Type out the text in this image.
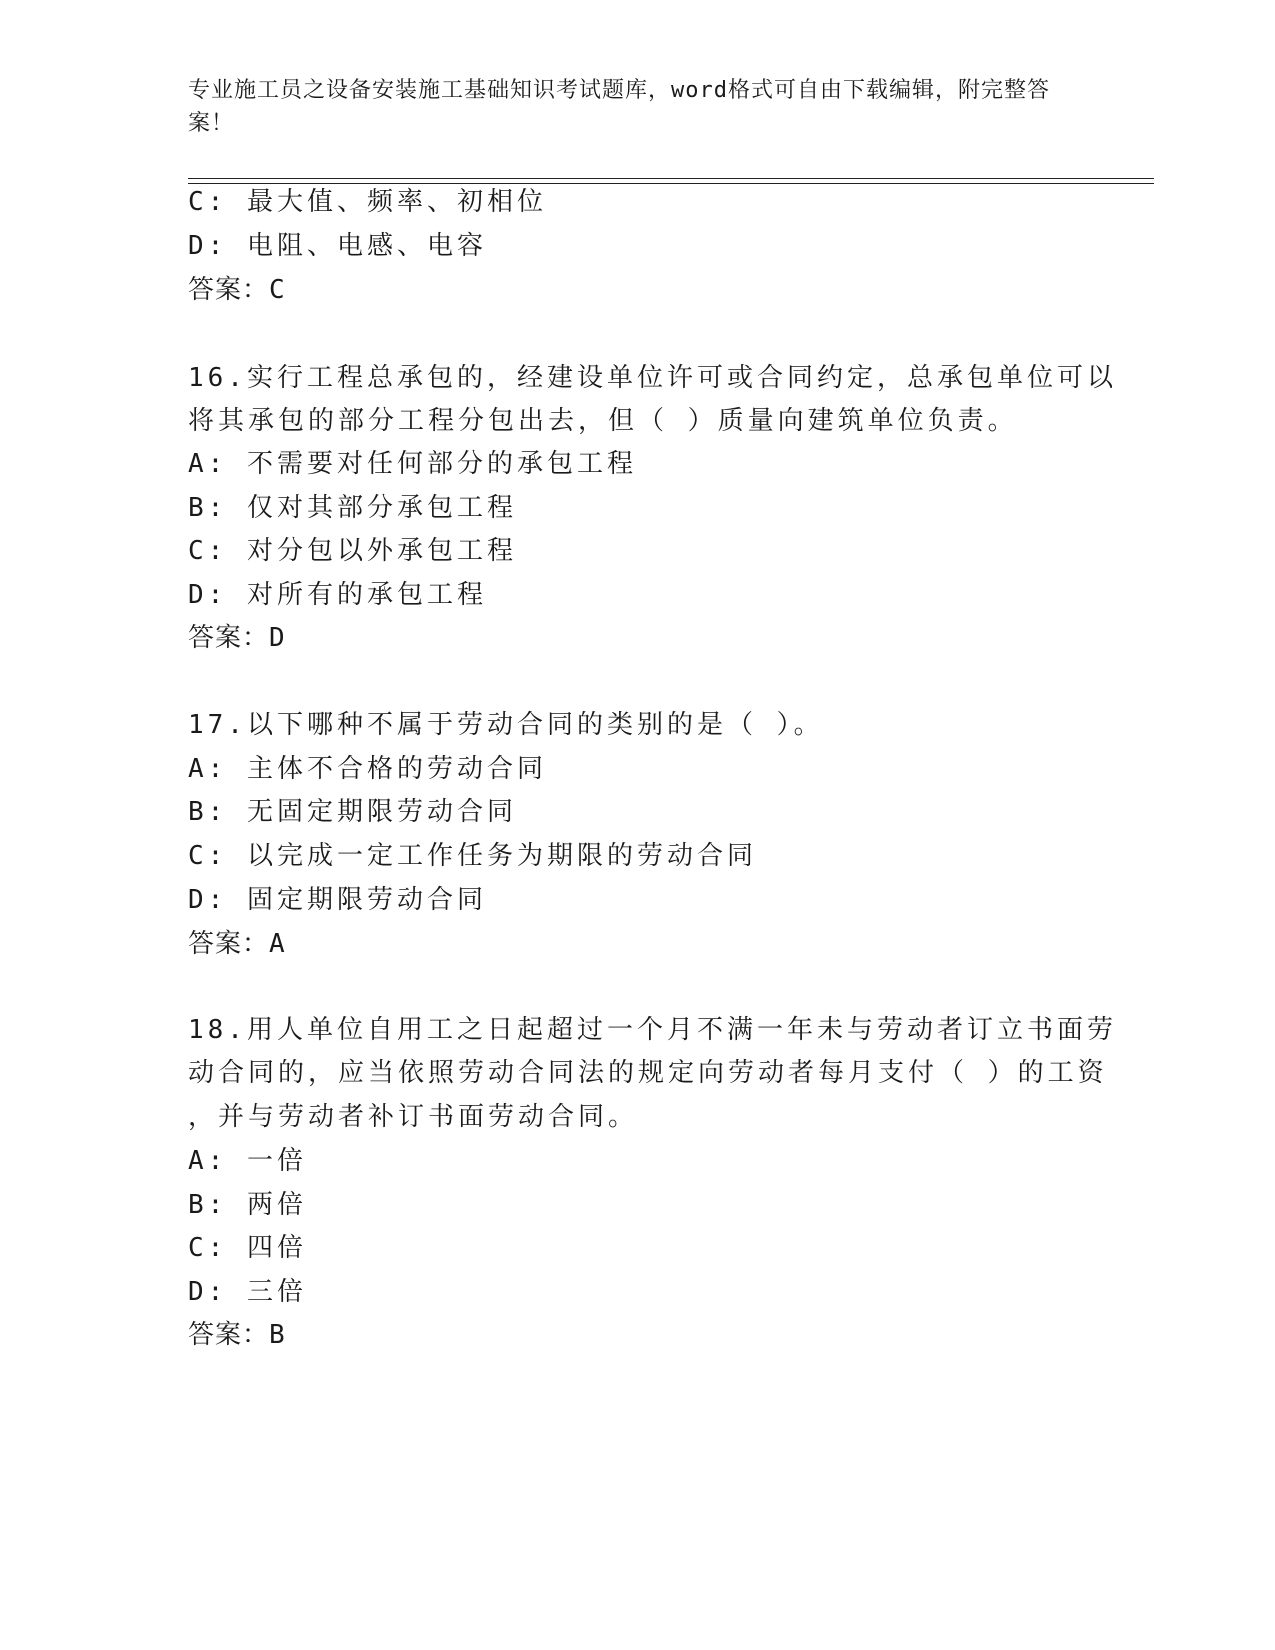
专业施工员之设备安装施工基础知识考试题库，word格式可自由下载编辑，附完整答案！
C: 最大值、频率、初相位
D: 电阻、电感、电容
答案：C
16.实行工程总承包的，经建设单位许可或合同约定，总承包单位可以
将其承包的部分工程分包出去，但（ ）质量向建筑单位负责。
A: 不需要对任何部分的承包工程
B: 仅对其部分承包工程
C: 对分包以外承包工程
D: 对所有的承包工程
答案：D
17.以下哪种不属于劳动合同的类别的是（ ）。
A: 主体不合格的劳动合同
B: 无固定期限劳动合同
C: 以完成一定工作任务为期限的劳动合同
D: 固定期限劳动合同
答案：A
18.用人单位自用工之日起超过一个月不满一年未与劳动者订立书面劳
动合同的，应当依照劳动合同法的规定向劳动者每月支付（ ）的工资
，并与劳动者补订书面劳动合同。
A: 一倍
B: 两倍
C: 四倍
D: 三倍
答案：B
